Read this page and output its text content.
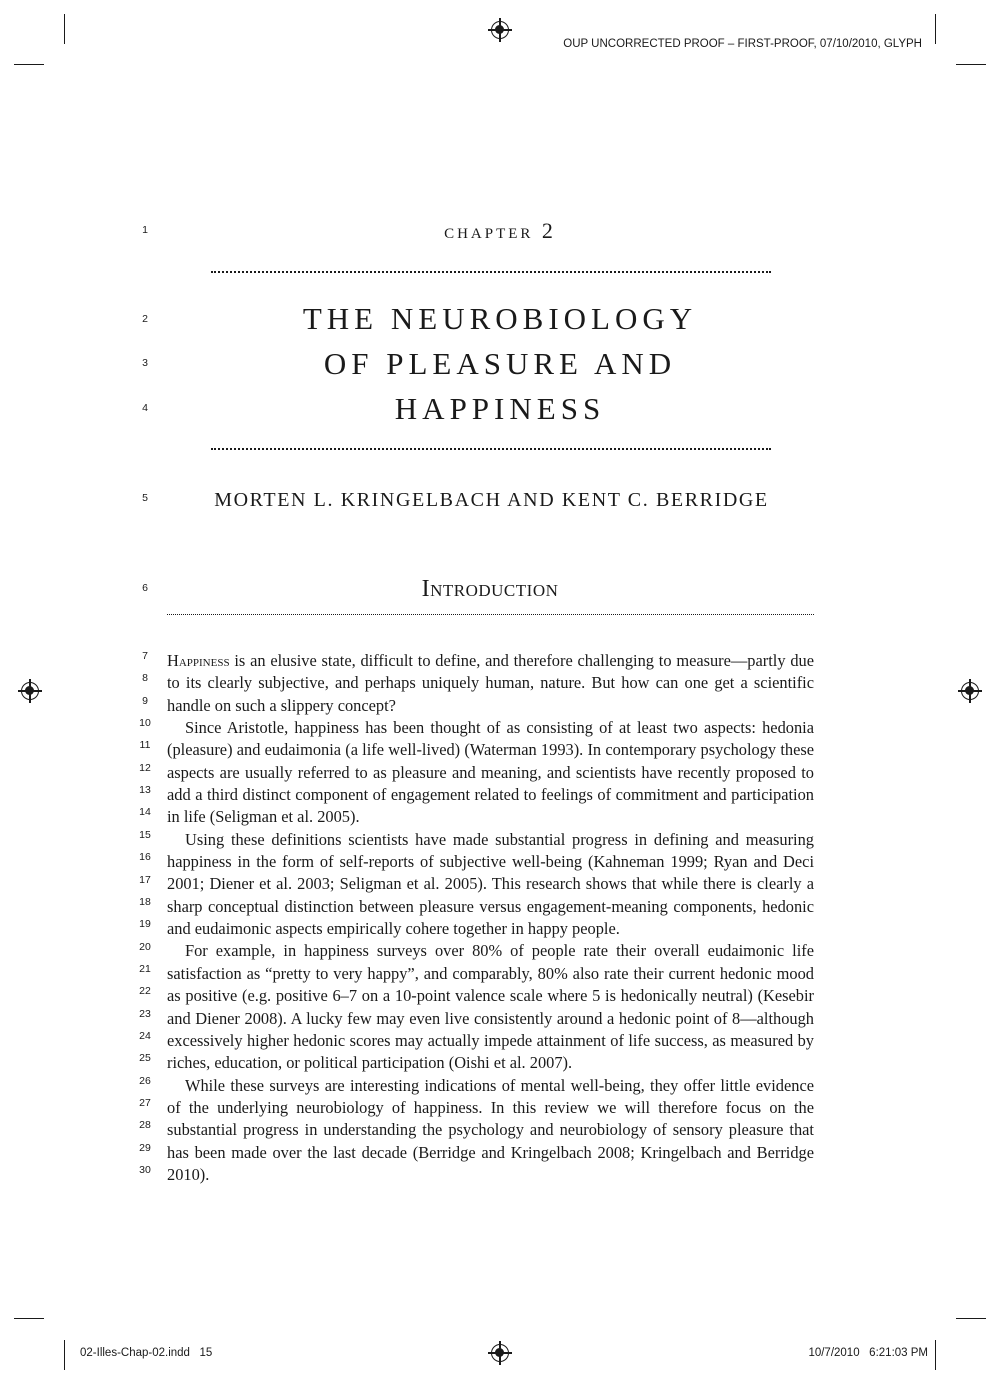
OUP UNCORRECTED PROOF – FIRST-PROOF, 07/10/2010, GLYPH
1
2
3
4
5
6
7
8
9
10
11
12
13
14
15
16
17
18
19
20
21
22
23
24
25
26
27
28
29
30
chapter 2
THE NEUROBIOLOGY
OF PLEASURE AND
HAPPINESS
MORTEN L. KRINGELBACH AND KENT C. BERRIDGE
Introduction

Happiness is an elusive state, difficult to define, and therefore challenging to measure—partly due to its clearly subjective, and perhaps uniquely human, nature. But how can one get a scientific handle on such a slippery concept?

Since Aristotle, happiness has been thought of as consisting of at least two aspects: hedonia (pleasure) and eudaimonia (a life well-lived) (Waterman 1993). In contemporary psychology these aspects are usually referred to as pleasure and meaning, and scientists have recently proposed to add a third distinct component of engagement related to feelings of commitment and participation in life (Seligman et al. 2005).

Using these definitions scientists have made substantial progress in defining and measuring happiness in the form of self-reports of subjective well-being (Kahneman 1999; Ryan and Deci 2001; Diener et al. 2003; Seligman et al. 2005). This research shows that while there is clearly a sharp conceptual distinction between pleasure versus engagement-meaning components, hedonic and eudaimonic aspects empirically cohere together in happy people.

For example, in happiness surveys over 80% of people rate their overall eudaimonic life satisfaction as “pretty to very happy”, and comparably, 80% also rate their current hedonic mood as positive (e.g. positive 6–7 on a 10-point valence scale where 5 is hedonically neutral) (Kesebir and Diener 2008). A lucky few may even live consistently around a hedonic point of 8—although excessively higher hedonic scores may actually impede attainment of life success, as measured by riches, education, or political participation (Oishi et al. 2007).

While these surveys are interesting indications of mental well-being, they offer little evidence of the underlying neurobiology of happiness. In this review we will therefore focus on the substantial progress in understanding the psychology and neurobiology of sensory pleasure that has been made over the last decade (Berridge and Kringelbach 2008; Kringelbach and Berridge 2010).

02-Illes-Chap-02.indd   15	10/7/2010   6:21:03 PM
